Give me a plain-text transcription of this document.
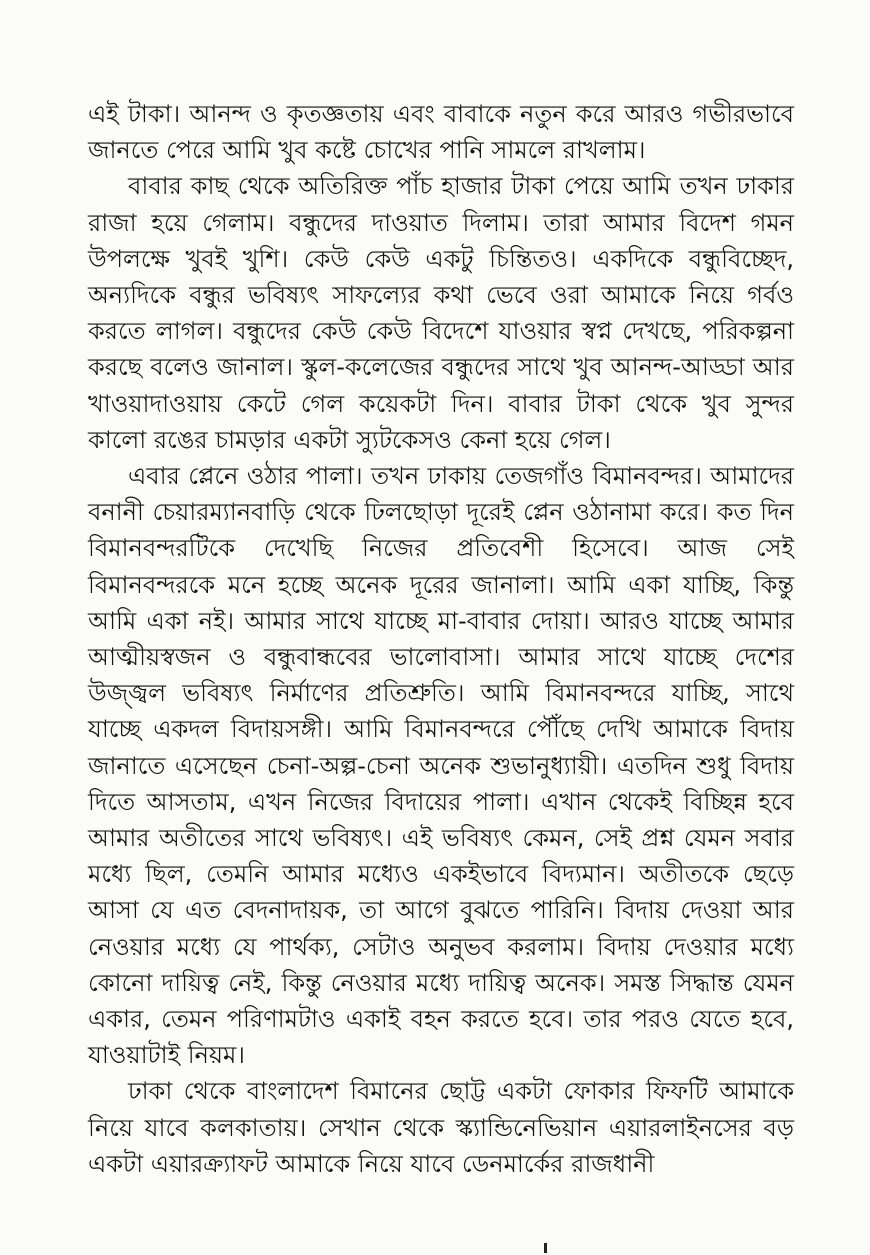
এই টাকা। আনন্দ ও কৃতজ্ঞতায় এবং বাবাকে নতুন করে আরও গভীরভাবে জানতে পেরে আমি খুব কষ্টে চোখের পানি সামলে রাখলাম।

বাবার কাছ থেকে অতিরিক্ত পাঁচ হাজার টাকা পেয়ে আমি তখন ঢাকার রাজা হয়ে গেলাম। বন্ধুদের দাওয়াত দিলাম। তারা আমার বিদেশ গমন উপলক্ষে খুবই খুশি। কেউ কেউ একটু চিন্তিতও। একদিকে বন্ধুবিচ্ছেদ, অন্যদিকে বন্ধুর ভবিষ্যৎ সাফল্যের কথা ভেবে ওরা আমাকে নিয়ে গর্বও করতে লাগল। বন্ধুদের কেউ কেউ বিদেশে যাওয়ার স্বপ্ন দেখছে, পরিকল্পনা করছে বলেও জানাল। স্কুল-কলেজের বন্ধুদের সাথে খুব আনন্দ-আড্ডা আর খাওয়াদাওয়ায় কেটে গেল কয়েকটা দিন। বাবার টাকা থেকে খুব সুন্দর কালো রঙের চামড়ার একটা স্যুটকেসও কেনা হয়ে গেল।

এবার প্লেনে ওঠার পালা। তখন ঢাকায় তেজগাঁও বিমানবন্দর। আমাদের বনানী চেয়ারম্যানবাড়ি থেকে ঢিলছোড়া দূরেই প্লেন ওঠানামা করে। কত দিন বিমানবন্দরটিকে দেখেছি নিজের প্রতিবেশী হিসেবে। আজ সেই বিমানবন্দরকে মনে হচ্ছে অনেক দূরের জানালা। আমি একা যাচ্ছি, কিন্তু আমি একা নই। আমার সাথে যাচ্ছে মা-বাবার দোয়া। আরও যাচ্ছে আমার আত্মীয়স্বজন ও বন্ধুবান্ধবের ভালোবাসা। আমার সাথে যাচ্ছে দেশের উজ্জ্বল ভবিষ্যৎ নির্মাণের প্রতিশ্রুতি। আমি বিমানবন্দরে যাচ্ছি, সাথে যাচ্ছে একদল বিদায়সঙ্গী। আমি বিমানবন্দরে পৌঁছে দেখি আমাকে বিদায় জানাতে এসেছেন চেনা-অল্প-চেনা অনেক শুভানুধ্যায়ী। এতদিন শুধু বিদায় দিতে আসতাম, এখন নিজের বিদায়ের পালা। এখান থেকেই বিচ্ছিন্ন হবে আমার অতীতের সাথে ভবিষ্যৎ। এই ভবিষ্যৎ কেমন, সেই প্রশ্ন যেমন সবার মধ্যে ছিল, তেমনি আমার মধ্যেও একইভাবে বিদ্যমান। অতীতকে ছেড়ে আসা যে এত বেদনাদায়ক, তা আগে বুঝতে পারিনি। বিদায় দেওয়া আর নেওয়ার মধ্যে যে পার্থক্য, সেটাও অনুভব করলাম। বিদায় দেওয়ার মধ্যে কোনো দায়িত্ব নেই, কিন্তু নেওয়ার মধ্যে দায়িত্ব অনেক। সমস্ত সিদ্ধান্ত যেমন একার, তেমন পরিণামটাও একাই বহন করতে হবে। তার পরও যেতে হবে, যাওয়াটাই নিয়ম।

ঢাকা থেকে বাংলাদেশ বিমানের ছোট্ট একটা ফোকার ফিফটি আমাকে নিয়ে যাবে কলকাতায়। সেখান থেকে স্ক্যান্ডিনেভিয়ান এয়ারলাইনসের বড় একটা এয়ারক্র্যাফট আমাকে নিয়ে যাবে ডেনমার্কের রাজধানী
